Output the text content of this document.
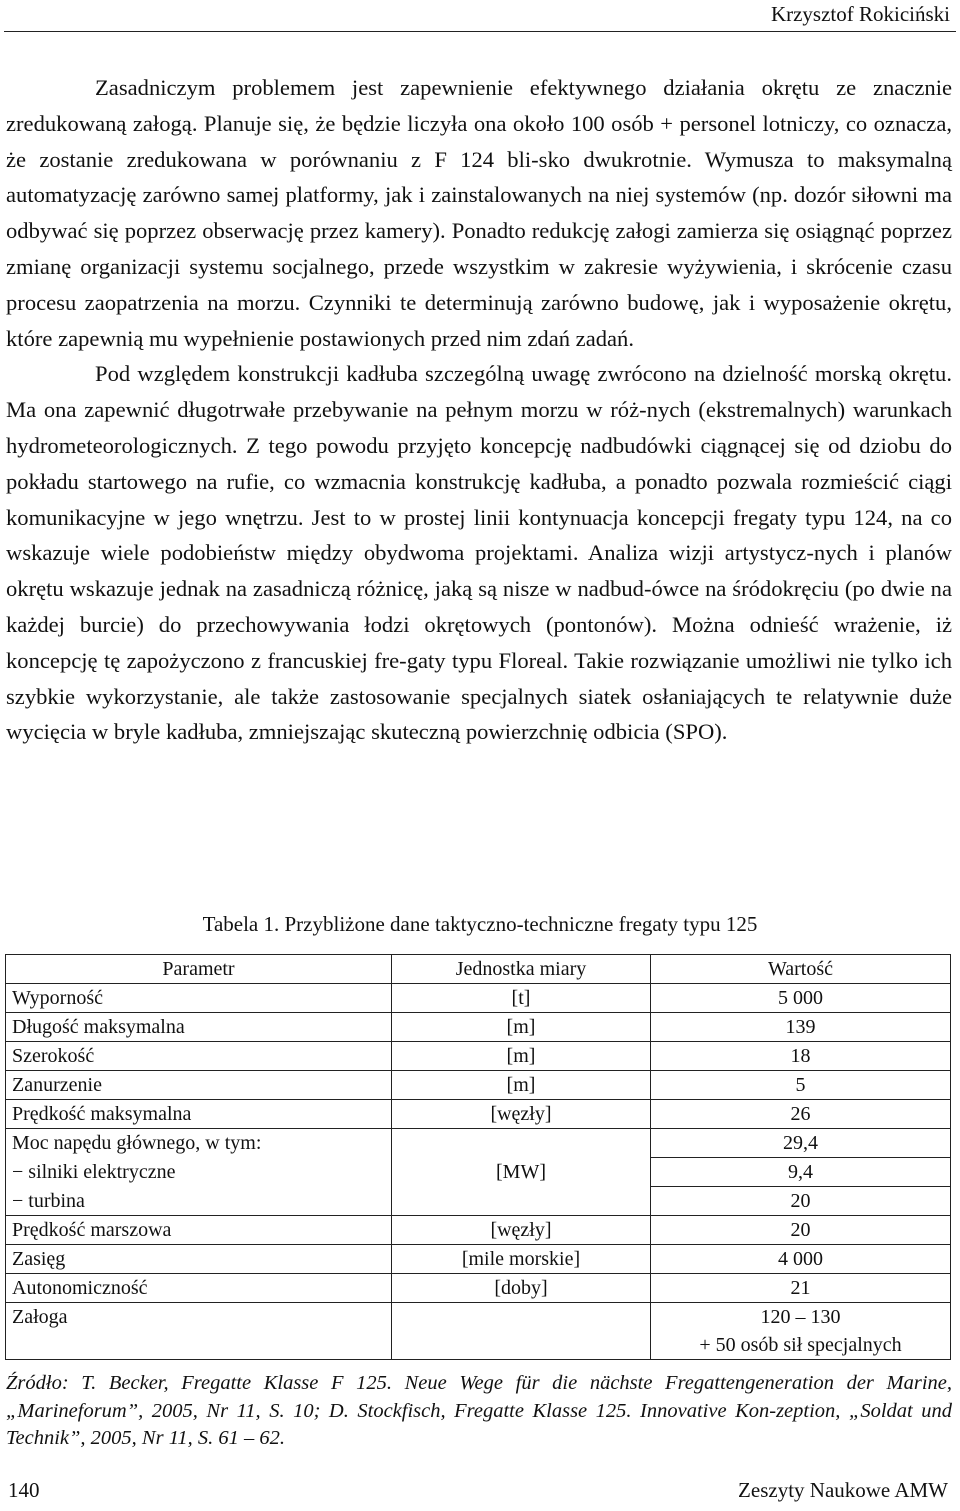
Krzysztof Rokiciński

Zasadniczym problemem jest zapewnienie efektywnego działania okrętu ze znacznie zredukowaną załogą. Planuje się, że będzie liczyła ona około 100 osób + personel lotniczy, co oznacza, że zostanie zredukowana w porównaniu z F 124 bli-sko dwukrotnie. Wymusza to maksymalną automatyzację zarówno samej platformy, jak i zainstalowanych na niej systemów (np. dozór siłowni ma odbywać się poprzez obserwację przez kamery). Ponadto redukcję załogi zamierza się osiągnąć poprzez zmianę organizacji systemu socjalnego, przede wszystkim w zakresie wyżywienia, i skrócenie czasu procesu zaopatrzenia na morzu. Czynniki te determinują zarówno budowę, jak i wyposażenie okrętu, które zapewnią mu wypełnienie postawionych przed nim zdań zadań.

Pod względem konstrukcji kadłuba szczególną uwagę zwrócono na dzielność morską okrętu. Ma ona zapewnić długotrwałe przebywanie na pełnym morzu w róż-nych (ekstremalnych) warunkach hydrometeorologicznych. Z tego powodu przyjęto koncepcję nadbudówki ciągnącej się od dziobu do pokładu startowego na rufie, co wzmacnia konstrukcję kadłuba, a ponadto pozwala rozmieścić ciągi komunikacyjne w jego wnętrzu. Jest to w prostej linii kontynuacja koncepcji fregaty typu 124, na co wskazuje wiele podobieństw między obydwoma projektami. Analiza wizji artystycz-nych i planów okrętu wskazuje jednak na zasadniczą różnicę, jaką są nisze w nadbud-ówce na śródokręciu (po dwie na każdej burcie) do przechowywania łodzi okrętowych (pontonów). Można odnieść wrażenie, iż koncepcję tę zapożyczono z francuskiej fre-gaty typu Floreal. Takie rozwiązanie umożliwi nie tylko ich szybkie wykorzystanie, ale także zastosowanie specjalnych siatek osłaniających te relatywnie duże wycięcia w bryle kadłuba, zmniejszając skuteczną powierzchnię odbicia (SPO).

Tabela 1. Przybliżone dane taktyczno-techniczne fregaty typu 125
Parametr	Jednostka miary	Wartość
Wyporność	[t]	5 000
Długość maksymalna	[m]	139
Szerokość	[m]	18
Zanurzenie	[m]	5
Prędkość maksymalna	[węzły]	26
Moc napędu głównego, w tym:	[MW]	29,4
− silniki elektryczne		9,4
− turbina		20
Prędkość marszowa	[węzły]	20
Zasięg	[mile morskie]	4 000
Autonomiczność	[doby]	21
Załoga		120 – 130
+ 50 osób sił specjalnych
Źródło: T. Becker, Fregatte Klasse F 125. Neue Wege für die nächste Fregattengeneration der Marine, „Marineforum”, 2005, Nr 11, S. 10; D. Stockfisch, Fregatte Klasse 125. Innovative Kon-zeption, „Soldat und Technik”, 2005, Nr 11, S. 61 – 62.
140	Zeszyty Naukowe AMW
